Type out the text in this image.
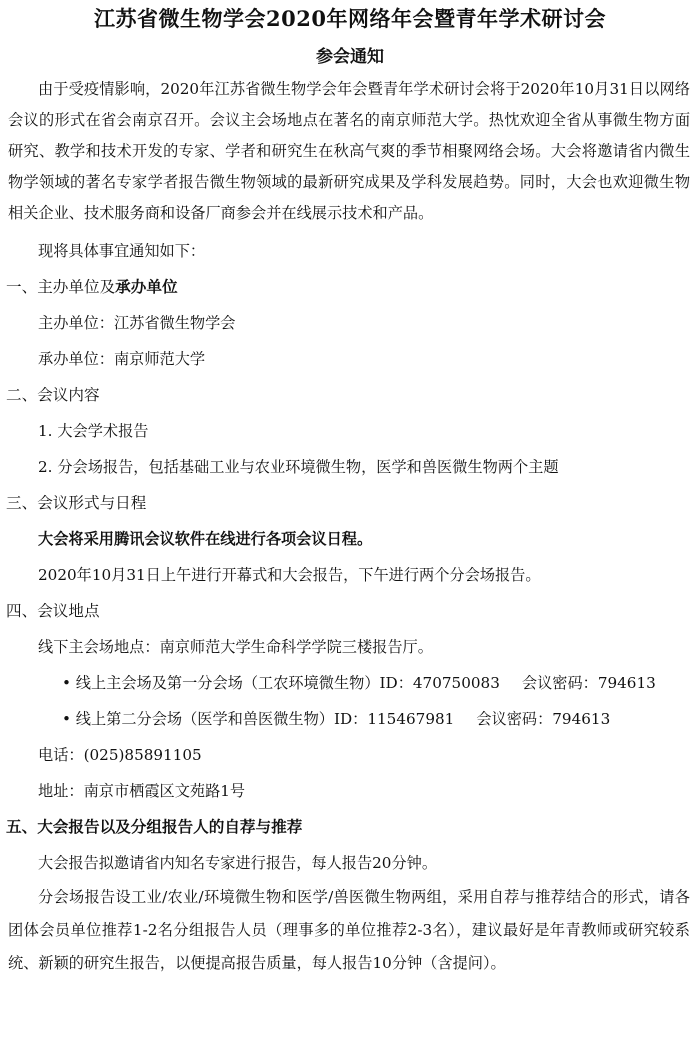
江苏省微生物学会2020年网络年会暨青年学术研讨会
参会通知

由于受疫情影响，2020年江苏省微生物学会年会暨青年学术研讨会将于2020年10月31日以网络会议的形式在省会南京召开。会议主会场地点在著名的南京师范大学。热忱欢迎全省从事微生物方面研究、教学和技术开发的专家、学者和研究生在秋高气爽的季节相聚网络会场。大会将邀请省内微生物学领域的著名专家学者报告微生物领域的最新研究成果及学科发展趋势。同时，大会也欢迎微生物相关企业、技术服务商和设备厂商参会并在线展示技术和产品。

现将具体事宜通知如下：

一、主办单位及承办单位

主办单位：江苏省微生物学会

承办单位：南京师范大学

二、会议内容

1. 大会学术报告

2. 分会场报告，包括基础工业与农业环境微生物，医学和兽医微生物两个主题

三、会议形式与日程

大会将采用腾讯会议软件在线进行各项会议日程。

2020年10月31日上午进行开幕式和大会报告，下午进行两个分会场报告。

四、会议地点

线下主会场地点：南京师范大学生命科学学院三楼报告厅。

• 线上主会场及第一分会场（工农环境微生物）ID：470750083 会议密码：794613

• 线上第二分会场（医学和兽医微生物）ID：115467981 会议密码：794613

电话：(025)85891105

地址：南京市栖霞区文苑路1号

五、大会报告以及分组报告人的自荐与推荐

大会报告拟邀请省内知名专家进行报告，每人报告20分钟。

分会场报告设工业/农业/环境微生物和医学/兽医微生物两组，采用自荐与推荐结合的形式，请各团体会员单位推荐1-2名分组报告人员（理事多的单位推荐2-3名），建议最好是年青教师或研究较系统、新颖的研究生报告，以便提高报告质量，每人报告10分钟（含提问）。
